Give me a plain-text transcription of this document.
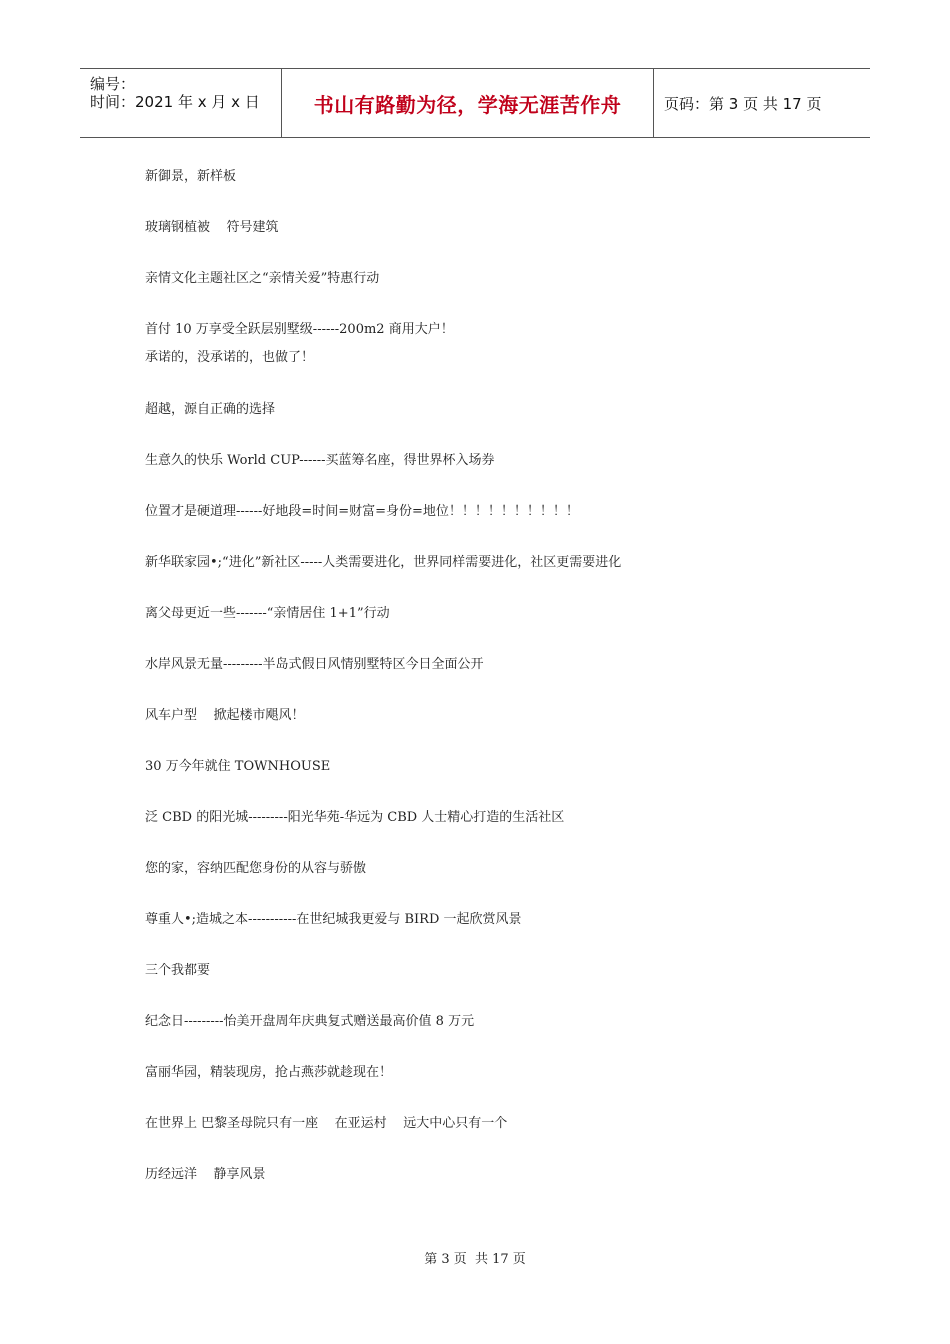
编号：
时间：2021 年 x 月 x 日	书山有路勤为径，学海无涯苦作舟	页码：第 3 页 共 17 页
新御景，新样板
玻璃钢植被    符号建筑
亲情文化主题社区之“亲情关爱”特惠行动
首付 10 万享受全跃层别墅级------200m2 商用大户！
承诺的，没承诺的，也做了！
超越，源自正确的选择
生意久的快乐 World CUP------买蓝筹名座，得世界杯入场券
位置才是硬道理------好地段=时间=财富=身份=地位！！！！！！！！！！
新华联家园•;“进化”新社区-----人类需要进化，世界同样需要进化，社区更需要进化
离父母更近一些-------“亲情居住 1+1”行动
水岸风景无量---------半岛式假日风情别墅特区今日全面公开
风车户型    掀起楼市飓风！
30 万今年就住 TOWNHOUSE
泛 CBD 的阳光城---------阳光华苑-华远为 CBD 人士精心打造的生活社区
您的家，容纳匹配您身份的从容与骄傲
尊重人•;造城之本-----------在世纪城我更爱与 BIRD 一起欣赏风景
三个我都要
纪念日---------怡美开盘周年庆典复式赠送最高价值 8 万元
富丽华园，精装现房，抢占燕莎就趁现在！
在世界上 巴黎圣母院只有一座    在亚运村    远大中心只有一个
历经远洋    静享风景
第 3 页  共 17 页
